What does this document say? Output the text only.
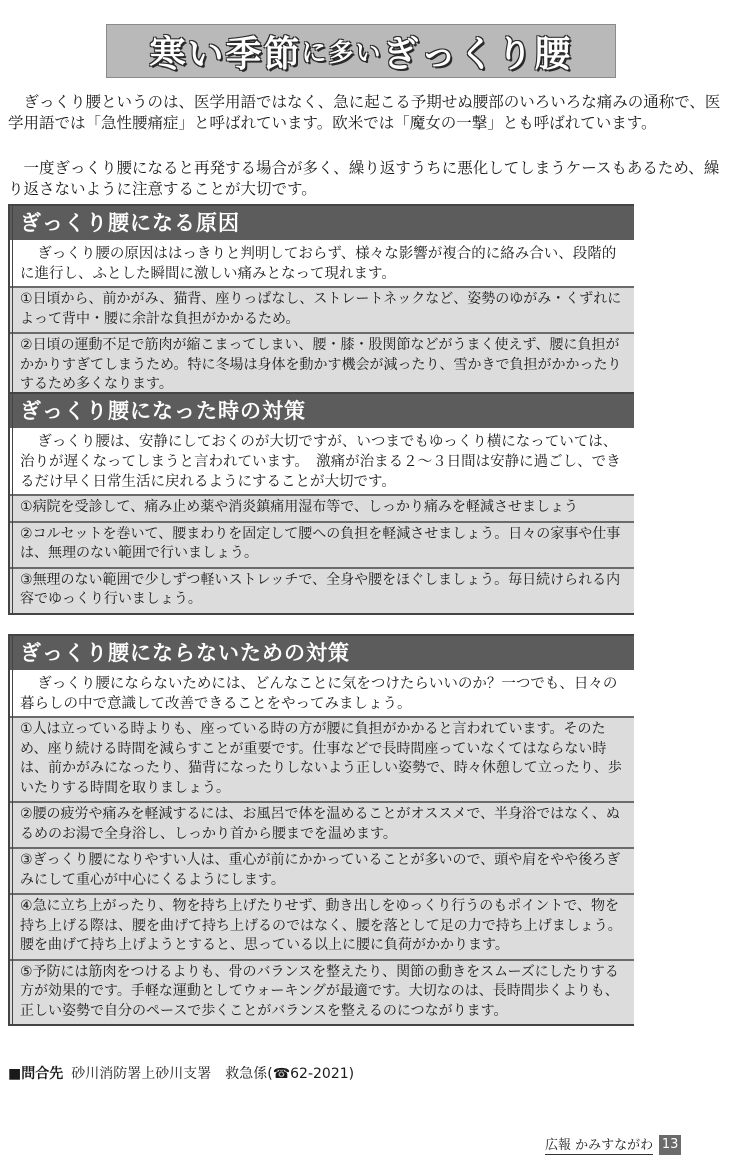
寒い季節 に多い ぎっくり腰

ぎっくり腰というのは、医学用語ではなく、急に起こる予期せぬ腰部のいろいろな痛みの通称で、医学用語では「急性腰痛症」と呼ばれています。欧米では「魔女の一撃」とも呼ばれています。

一度ぎっくり腰になると再発する場合が多く、繰り返すうちに悪化してしまうケースもあるため、繰り返さないように注意することが大切です。

ぎっくり腰になる原因

ぎっくり腰の原因ははっきりと判明しておらず、様々な影響が複合的に絡み合い、段階的に進行し、ふとした瞬間に激しい痛みとなって現れます。

①日頃から、前かがみ、猫背、座りっぱなし、ストレートネックなど、姿勢のゆがみ・くずれによって背中・腰に余計な負担がかかるため。
②日頃の運動不足で筋肉が縮こまってしまい、腰・膝・股関節などがうまく使えず、腰に負担がかかりすぎてしまうため。特に冬場は身体を動かす機会が減ったり、雪かきで負担がかかったりするため多くなります。
ぎっくり腰になった時の対策

ぎっくり腰は、安静にしておくのが大切ですが、いつまでもゆっくり横になっていては、治りが遅くなってしまうと言われています。　激痛が治まる２～３日間は安静に過ごし、できるだけ早く日常生活に戻れるようにすることが大切です。

①病院を受診して、痛み止め薬や消炎鎮痛用湿布等で、しっかり痛みを軽減させましょう
②コルセットを巻いて、腰まわりを固定して腰への負担を軽減させましょう。日々の家事や仕事は、無理のない範囲で行いましょう。
③無理のない範囲で少しずつ軽いストレッチで、全身や腰をほぐしましょう。毎日続けられる内容でゆっくり行いましょう。
ぎっくり腰にならないための対策

ぎっくり腰にならないためには、どんなことに気をつけたらいいのか？一つでも、日々の暮らしの中で意識して改善できることをやってみましょう。

①人は立っている時よりも、座っている時の方が腰に負担がかかると言われています。そのため、座り続ける時間を減らすことが重要です。仕事などで長時間座っていなくてはならない時は、前かがみになったり、猫背になったりしないよう正しい姿勢で、時々休憩して立ったり、歩いたりする時間を取りましょう。
②腰の疲労や痛みを軽減するには、お風呂で体を温めることがオススメで、半身浴ではなく、ぬるめのお湯で全身浴し、しっかり首から腰までを温めます。
③ぎっくり腰になりやすい人は、重心が前にかかっていることが多いので、頭や肩をやや後ろぎみにして重心が中心にくるようにします。
④急に立ち上がったり、物を持ち上げたりせず、動き出しをゆっくり行うのもポイントで、物を持ち上げる際は、腰を曲げて持ち上げるのではなく、腰を落として足の力で持ち上げましょう。腰を曲げて持ち上げようとすると、思っている以上に腰に負荷がかかります。
⑤予防には筋肉をつけるよりも、骨のバランスを整えたり、関節の動きをスムーズにしたりする方が効果的です。手軽な運動としてウォーキングが最適です。大切なのは、長時間歩くよりも、正しい姿勢で自分のペースで歩くことがバランスを整えるのにつながります。
■問合先 砂川消防署上砂川支署　救急係(☎62-2021)
広報 かみすながわ 13
